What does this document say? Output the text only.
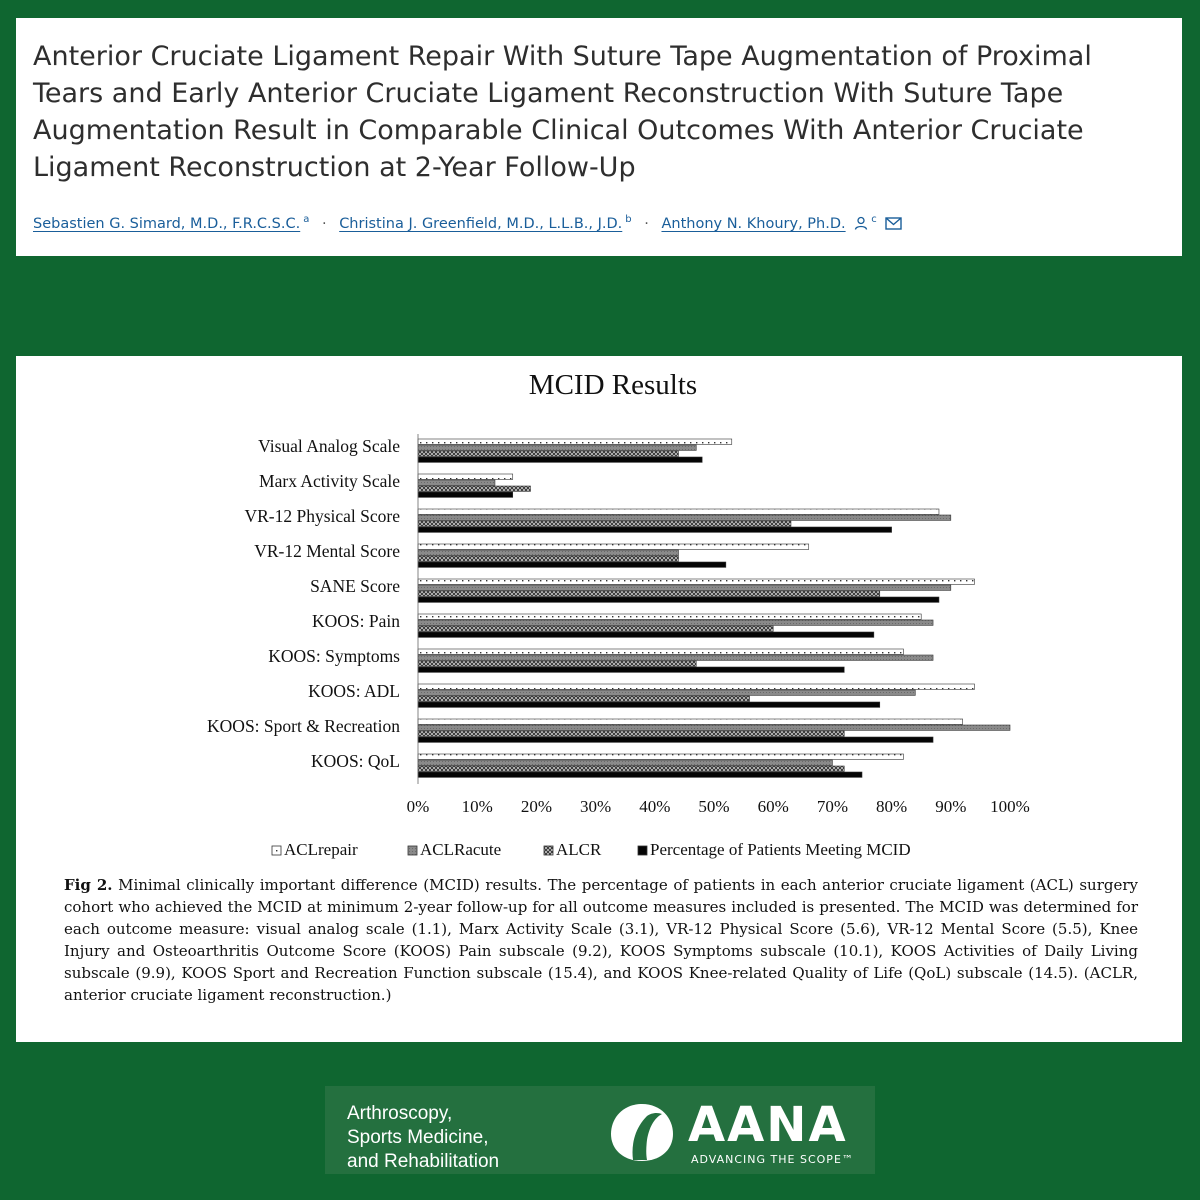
Anterior Cruciate Ligament Repair With Suture Tape Augmentation of Proximal
Tears and Early Anterior Cruciate Ligament Reconstruction With Suture Tape
Augmentation Result in Comparable Clinical Outcomes With Anterior Cruciate
Ligament Reconstruction at 2-Year Follow-Up
Sebastien G. Simard, M.D., F.R.C.S.C. $^a$ · Christina J. Greenfield, M.D., L.L.B., J.D. $^b$ · Anthony N. Khoury, Ph.D.	$^c$
MCID Results
Visual Analog Scale
Marx Activity Scale
VR-12 Physical Score
VR-12 Mental Score
SANE Score
KOOS: Pain
KOOS: Symptoms
KOOS: ADL
KOOS: Sport & Recreation
KOOS: QoL
0% 10% 20% 30% 40% 50% 60% 70% 80% 90% 100%
ACLrepair	ACLRacute	ALCR	Percentage of Patients Meeting MCID

Fig 2. Minimal clinically important difference (MCID) results. The percentage of patients in each anterior cruciate ligament (ACL) surgery cohort who achieved the MCID at minimum 2-year follow-up for all outcome measures included is presented. The MCID was determined for each outcome measure: visual analog scale (1.1), Marx Activity Scale (3.1), VR-12 Physical Score (5.6), VR-12 Mental Score (5.5), Knee Injury and Osteoarthritis Outcome Score (KOOS) Pain subscale (9.2), KOOS Symptoms subscale (10.1), KOOS Activities of Daily Living subscale (9.9), KOOS Sport and Recreation Function subscale (15.4), and KOOS Knee-related Quality of Life (QoL) subscale (14.5). (ACLR, anterior cruciate ligament reconstruction.)

Arthroscopy,
Sports Medicine,
and Rehabilitation
AANA
ADVANCING THE SCOPE™
